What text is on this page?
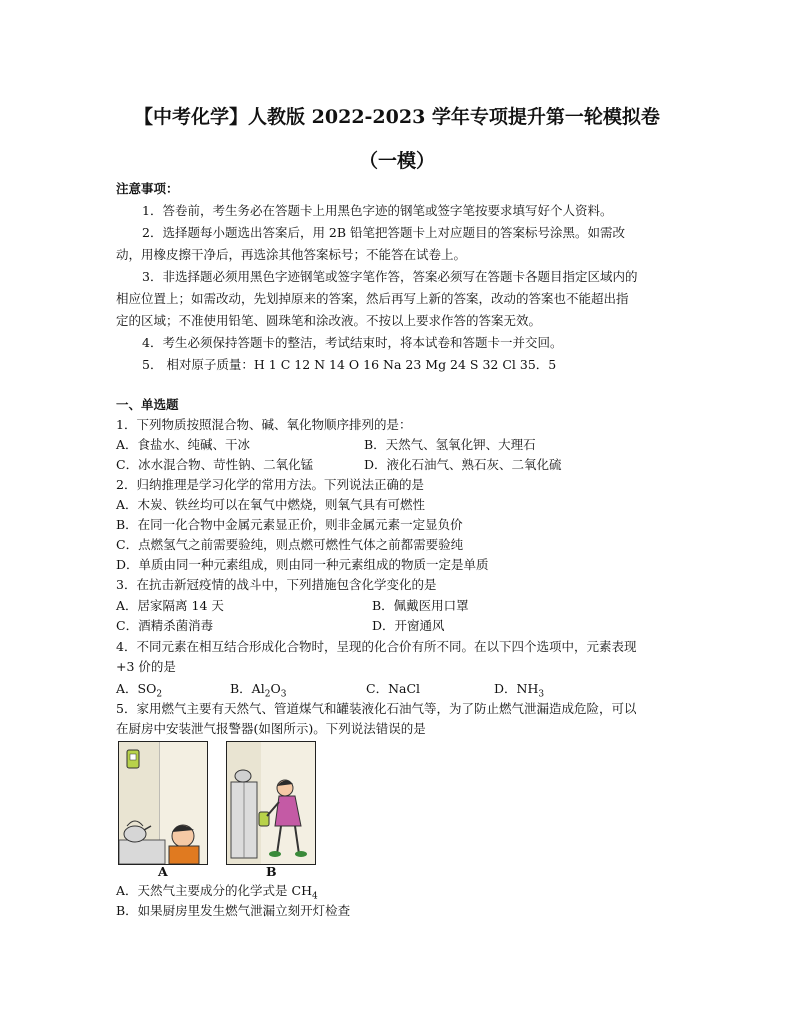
【中考化学】人教版 2022-2023 学年专项提升第一轮模拟卷
（一模）
注意事项：
1．答卷前，考生务必在答题卡上用黑色字迹的钢笔或签字笔按要求填写好个人资料。
2．选择题每小题选出答案后，用 2B 铅笔把答题卡上对应题目的答案标号涂黑。如需改
动，用橡皮擦干净后，再选涂其他答案标号；不能答在试卷上。
3．非选择题必须用黑色字迹钢笔或签字笔作答，答案必须写在答题卡各题目指定区域内的
相应位置上；如需改动，先划掉原来的答案，然后再写上新的答案，改动的答案也不能超出指
定的区域；不准使用铅笔、圆珠笔和涂改液。不按以上要求作答的答案无效。
4．考生必须保持答题卡的整洁，考试结束时，将本试卷和答题卡一并交回。
5． 相对原子质量：H 1 C 12 N 14 O 16 Na 23 Mg 24 S 32 Cl 35．5
一、单选题
1．下列物质按照混合物、碱、氧化物顺序排列的是：
A．食盐水、纯碱、干冰	B．天然气、氢氧化钾、大理石
C．冰水混合物、苛性钠、二氧化锰	D．液化石油气、熟石灰、二氧化硫
2．归纳推理是学习化学的常用方法。下列说法正确的是
A．木炭、铁丝均可以在氧气中燃烧，则氧气具有可燃性
B．在同一化合物中金属元素显正价，则非金属元素一定显负价
C．点燃氢气之前需要验纯，则点燃可燃性气体之前都需要验纯
D．单质由同一种元素组成，则由同一种元素组成的物质一定是单质
3．在抗击新冠疫情的战斗中，下列措施包含化学变化的是
A．居家隔离 14 天	B．佩戴医用口罩
C．酒精杀菌消毒	D．开窗通风
4．不同元素在相互结合形成化合物时，呈现的化合价有所不同。在以下四个选项中，元素表现
+3 价的是
A．$SO_2$	B．$Al_2O_3$	C．NaCl	D．$NH_3$
5．家用燃气主要有天然气、管道煤气和罐装液化石油气等，为了防止燃气泄漏造成危险，可以
在厨房中安装泄气报警器(如图所示)。下列说法错误的是
A	B
A．天然气主要成分的化学式是 $CH_4$
B．如果厨房里发生燃气泄漏立刻开灯检查
